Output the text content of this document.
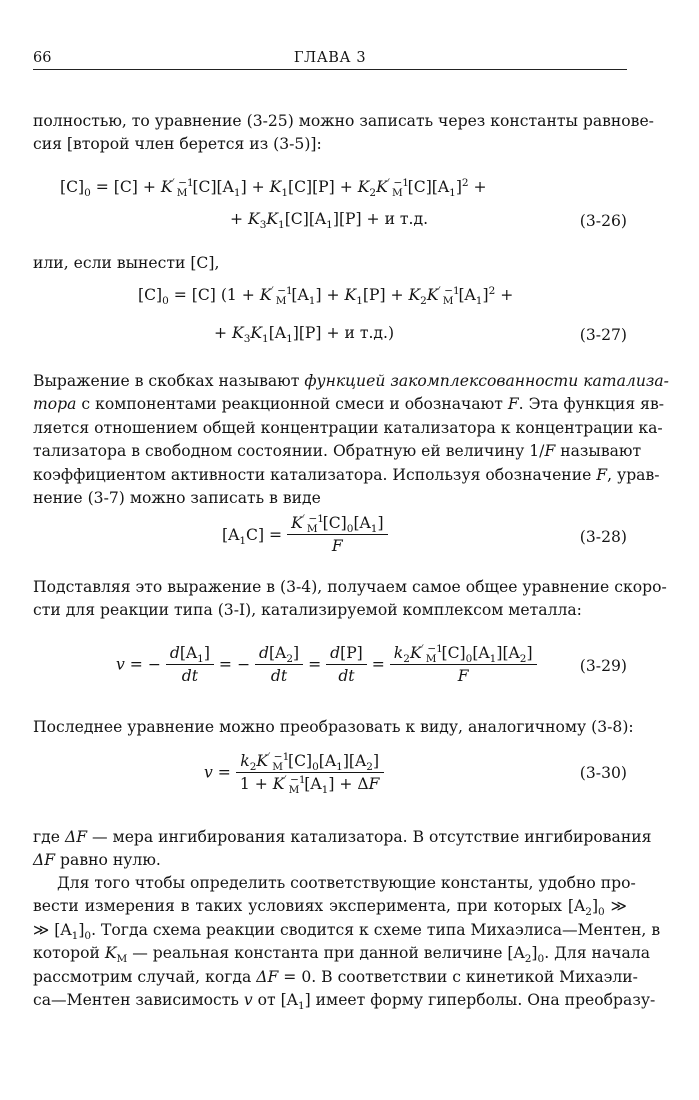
66	ГЛАВА 3
полностью, то уравнение (3-25) можно записать через константы равнове-
сия [второй член берется из (3-5)]:
$[C]_0 = [C] + K^{' -1}_M$ $[C][A_1] + K_1[C][P] + K_2K^{' -1}_M$ $[C][A_1]^2$ +
+ $K_3K_1[C][A_1][P] + и$ т.д.	(3-26)
или, если вынести [C],
$[C]_0 = [C] (1 + K^{' -1}_M$ $[A_1] + K_1[P] + K_2K^{' -1}_M$ $[A_1]^2$ +
+ $K_3K_1[A_1][P] + и$ т.д.)	(3-27)
Выражение в скобках называют функцией закомплексованности катализа-
тора с компонентами реакционной смеси и обозначают F. Эта функция яв-
ляется отношением общей концентрации катализатора к концентрации ка-
тализатора в свободном состоянии. Обратную ей величину 1/F называют
коэффициентом активности катализатора. Используя обозначение F, урав-
нение (3-7) можно записать в виде
$[A_1C] = \frac{K^{' -1}_M [C]_0[A_1]}{F}$	(3-28)
Подставляя это выражение в (3-4), получаем самое общее уравнение скоро-
сти для реакции типа (3-I), катализируемой комплексом металла:
v = − $\frac{d[A_1]}{dt}$ = − $\frac{d[A_2]}{dt} = \frac{d[P]}{dt} = \frac{k_2K^{' -1}_M [C]_0[A_1][A_2]}{F}$	(3-29)
Последнее уравнение можно преобразовать к виду, аналогичному (3-8):
$v = \frac{k_2K^{' -1}_M [C]_0[A_1][A_2]}{1 + K^{' -1}_M [A_1] + \Delta F}$	(3-30)
где ΔF — мера ингибирования катализатора. В отсутствие ингибирования
ΔF равно нулю.
Для того чтобы определить соответствующие константы, удобно про-
вести измерения в таких условиях эксперимента, при которых $[A_2]_0$ ≫
≫ $[A_1]_0$. Тогда схема реакции сводится к схеме типа Михаэлиса—Ментен, в
которой $K_M$ — реальная константа при данной величине $[A_2]_0$. Для начала
рассмотрим случай, когда ΔF = 0. В соответствии с кинетикой Михаэли-
са—Ментен зависимость v от $[A_1]$ имеет форму гиперболы. Она преобразу-
